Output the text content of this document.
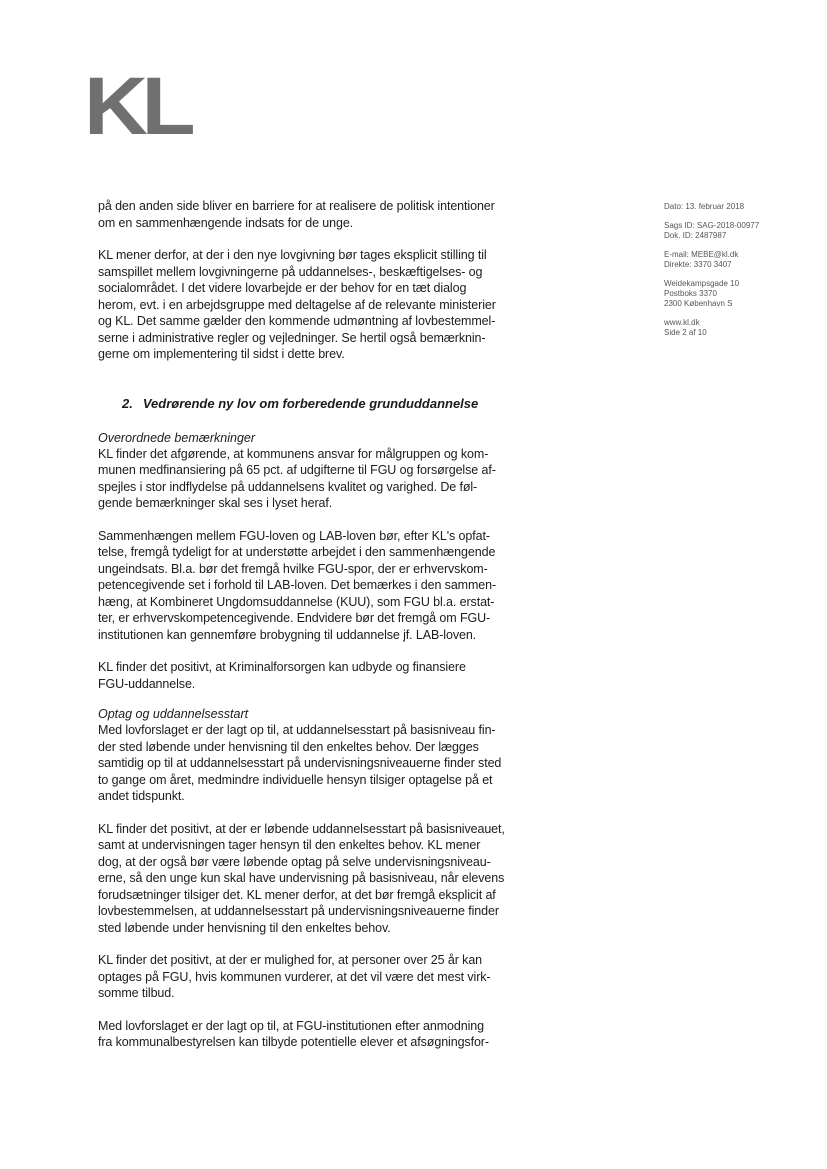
KL
på den anden side bliver en barriere for at realisere de politisk intentioner
om en sammenhængende indsats for de unge.
KL mener derfor, at der i den nye lovgivning bør tages eksplicit stilling til
samspillet mellem lovgivningerne på uddannelses-, beskæftigelses- og
socialområdet. I det videre lovarbejde er der behov for en tæt dialog
herom, evt. i en arbejdsgruppe med deltagelse af de relevante ministerier
og KL. Det samme gælder den kommende udmøntning af lovbestemmel-
serne i administrative regler og vejledninger. Se hertil også bemærknin-
gerne om implementering til sidst i dette brev.
2. Vedrørende ny lov om forberedende grunduddannelse
Overordnede bemærkninger
KL finder det afgørende, at kommunens ansvar for målgruppen og kom-
munen medfinansiering på 65 pct. af udgifterne til FGU og forsørgelse af-
spejles i stor indflydelse på uddannelsens kvalitet og varighed. De føl-
gende bemærkninger skal ses i lyset heraf.
Sammenhængen mellem FGU-loven og LAB-loven bør, efter KL's opfat-
telse, fremgå tydeligt for at understøtte arbejdet i den sammenhængende
ungeindsats. Bl.a. bør det fremgå hvilke FGU-spor, der er erhvervskom-
petencegivende set i forhold til LAB-loven. Det bemærkes i den sammen-
hæng, at Kombineret Ungdomsuddannelse (KUU), som FGU bl.a. erstat-
ter, er erhvervskompetencegivende. Endvidere bør det fremgå om FGU-
institutionen kan gennemføre brobygning til uddannelse jf. LAB-loven.
KL finder det positivt, at Kriminalforsorgen kan udbyde og finansiere
FGU-uddannelse.
Optag og uddannelsesstart
Med lovforslaget er der lagt op til, at uddannelsesstart på basisniveau fin-
der sted løbende under henvisning til den enkeltes behov. Der lægges
samtidig op til at uddannelsesstart på undervisningsniveauerne finder sted
to gange om året, medmindre individuelle hensyn tilsiger optagelse på et
andet tidspunkt.
KL finder det positivt, at der er løbende uddannelsesstart på basisniveauet,
samt at undervisningen tager hensyn til den enkeltes behov. KL mener
dog, at der også bør være løbende optag på selve undervisningsniveau-
erne, så den unge kun skal have undervisning på basisniveau, når elevens
forudsætninger tilsiger det. KL mener derfor, at det bør fremgå eksplicit af
lovbestemmelsen, at uddannelsesstart på undervisningsniveauerne finder
sted løbende under henvisning til den enkeltes behov.
KL finder det positivt, at der er mulighed for, at personer over 25 år kan
optages på FGU, hvis kommunen vurderer, at det vil være det mest virk-
somme tilbud.
Med lovforslaget er der lagt op til, at FGU-institutionen efter anmodning
fra kommunalbestyrelsen kan tilbyde potentielle elever et afsøgningsfor-

Dato: 13. februar 2018

Sags ID: SAG-2018-00977

Dok. ID: 2487987

E-mail: MEBE@kl.dk

Direkte: 3370 3407

Weidekampsgade 10

Postboks 3370

2300 København S

www.kl.dk

Side 2 af 10
